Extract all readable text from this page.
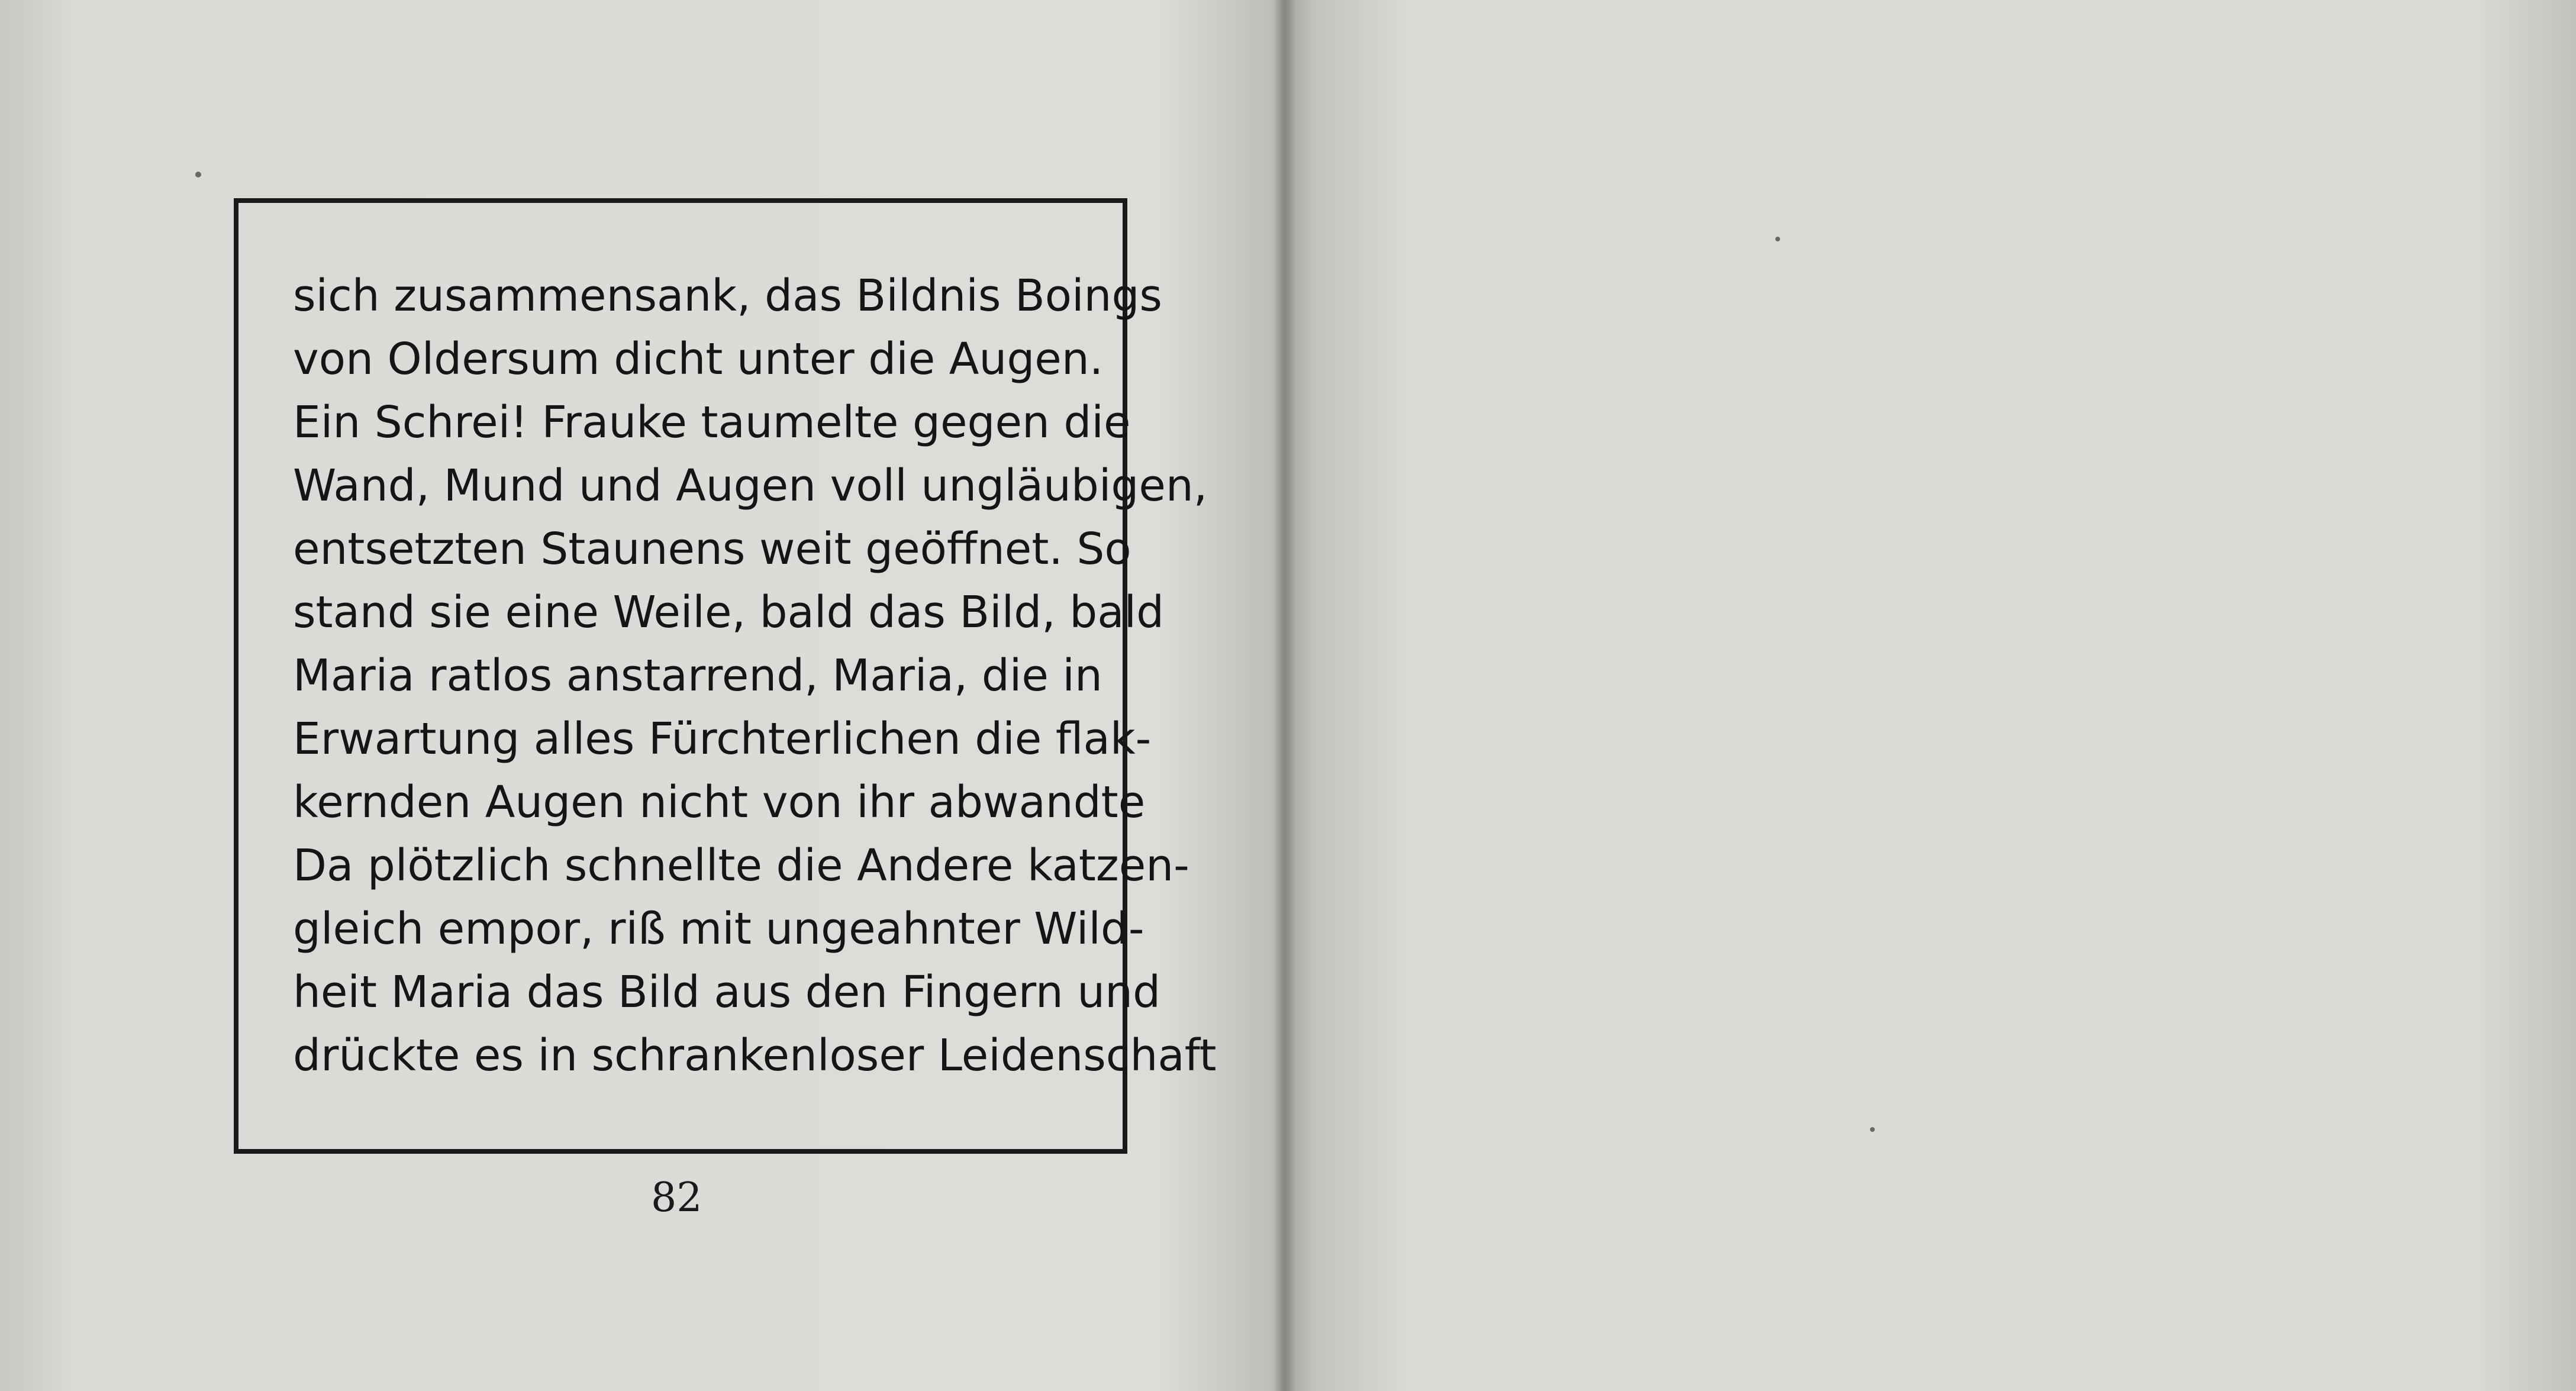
sich zusammensank, das Bildnis Boings
von Oldersum dicht unter die Augen.
Ein Schrei! Frauke taumelte gegen die
Wand, Mund und Augen voll ungläubigen,
entsetzten Staunens weit geöffnet. So
stand sie eine Weile, bald das Bild, bald
Maria ratlos anstarrend, Maria, die in
Erwartung alles Fürchterlichen die flak-
kernden Augen nicht von ihr abwandte
Da plötzlich schnellte die Andere katzen-
gleich empor, riß mit ungeahnter Wild-
heit Maria das Bild aus den Fingern und
drückte es in schrankenloser Leidenschaft
82
